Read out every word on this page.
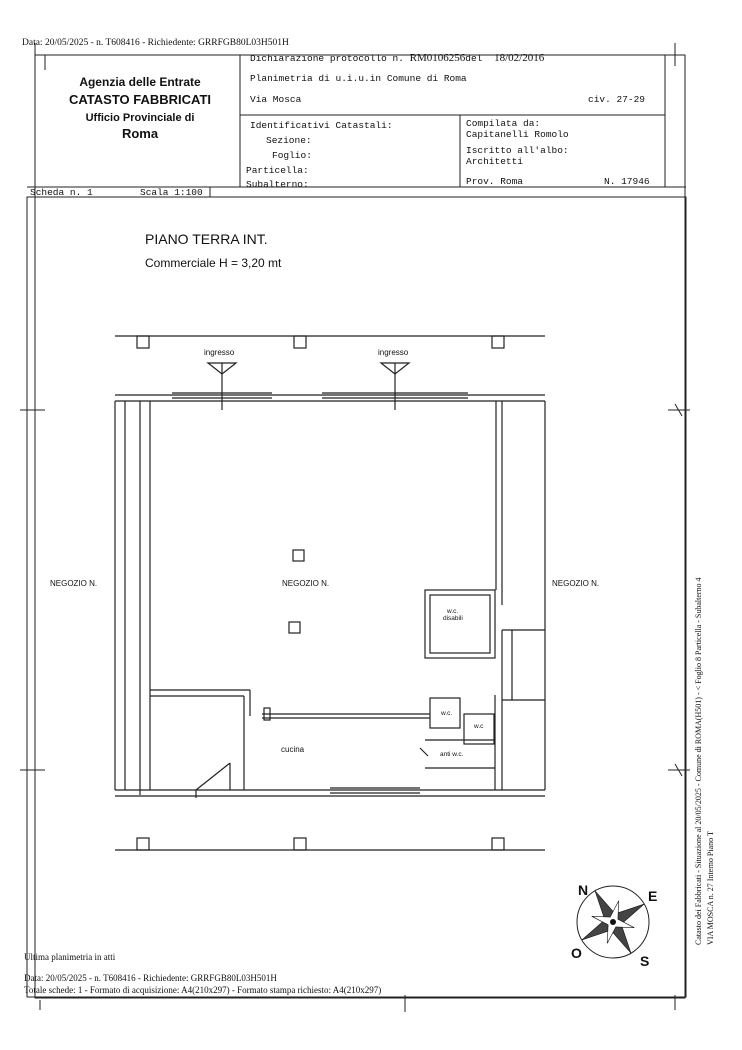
Data: 20/05/2025 - n. T608416 - Richiedente: GRRFGB80L03H501H
Agenzia delle Entrate
CATASTO FABBRICATI
Ufficio Provinciale di
Roma
Dichiarazione protocollo n. RM0106256del 18/02/2016
Planimetria di u.i.u.in Comune di Roma
Via Mosca	civ. 27-29
Identificativi Catastali:
Sezione:
Foglio:
Particella:
Subalterno:
Compilata da:
Capitanelli Romolo
Iscritto all'albo:
Architetti
Prov. Roma	N. 17946
Scheda n. 1	Scala 1:100
PIANO TERRA INT.
Commerciale H = 3,20 mt
ingresso	ingresso
NEGOZIO N.	NEGOZIO N.	NEGOZIO N.
w.c.
disabili
w.c.
w.c
anti w.c.
cucina
N	E
O	S
Catasto dei Fabbricati - Situazione al 20/05/2025 - Comune di ROMA(H501) - < Foglio 8 Particella - Subalterno 4 VIA MOSCA n. 27 Interno Piano T
Ultima planimetria in atti
Data: 20/05/2025 - n. T608416 - Richiedente: GRRFGB80L03H501H
Totale schede: 1 - Formato di acquisizione: A4(210x297) - Formato stampa richiesto: A4(210x297)
